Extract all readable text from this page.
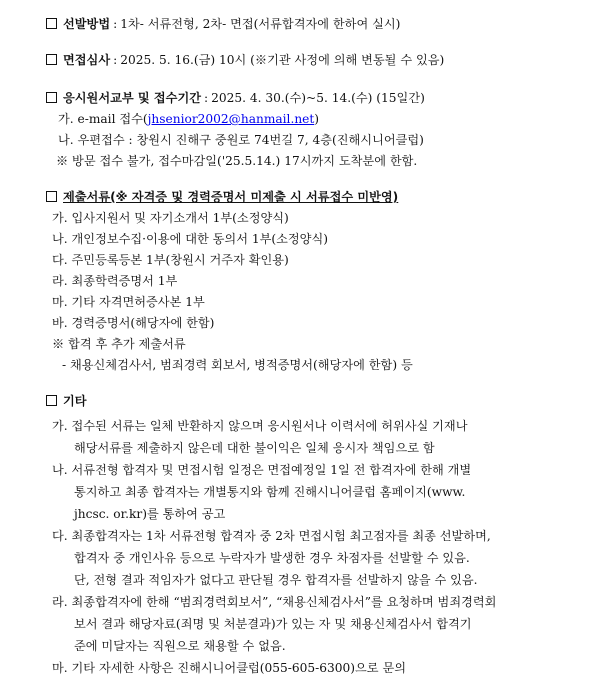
선발방법 : 1차- 서류전형, 2차- 면접(서류합격자에 한하여 실시)
면접심사 : 2025. 5. 16.(금) 10시 (※기관 사정에 의해 변동될 수 있음)
응시원서교부 및 접수기간 : 2025. 4. 30.(수)~5. 14.(수) (15일간)
가. e-mail 접수(jhsenior2002@hanmail.net)
나. 우편접수 : 창원시 진해구 중원로 74번길 7, 4층(진해시니어클럽)
※ 방문 접수 불가, 접수마감일('25.5.14.) 17시까지 도착분에 한함.
제출서류(※ 자격증 및 경력증명서 미제출 시 서류접수 미반영)
가. 입사지원서 및 자기소개서 1부(소정양식)
나. 개인정보수집·이용에 대한 동의서 1부(소정양식)
다. 주민등록등본 1부(창원시 거주자 확인용)
라. 최종학력증명서 1부
마. 기타 자격면허증사본 1부
바. 경력증명서(해당자에 한함)
※ 합격 후 추가 제출서류
- 채용신체검사서, 범죄경력 회보서, 병적증명서(해당자에 한함) 등
기타
가. 접수된 서류는 일체 반환하지 않으며 응시원서나 이력서에 허위사실 기재나
해당서류를 제출하지 않은데 대한 불이익은 일체 응시자 책임으로 함
나. 서류전형 합격자 및 면접시험 일정은 면접예정일 1일 전 합격자에 한해 개별
통지하고 최종 합격자는 개별통지와 함께 진해시니어클럽 홈페이지(www.
jhcsc. or.kr)를 통하여 공고
다. 최종합격자는 1차 서류전형 합격자 중 2차 면접시험 최고점자를 최종 선발하며,
합격자 중 개인사유 등으로 누락자가 발생한 경우 차점자를 선발할 수 있음.
단, 전형 결과 적임자가 없다고 판단될 경우 합격자를 선발하지 않을 수 있음.
라. 최종합격자에 한해 “범죄경력회보서”, “채용신체검사서”를 요청하며 범죄경력회
보서 결과 해당자료(죄명 및 처분결과)가 있는 자 및 채용신체검사서 합격기
준에 미달자는 직원으로 채용할 수 없음.
마. 기타 자세한 사항은 진해시니어클럽(055-605-6300)으로 문의
